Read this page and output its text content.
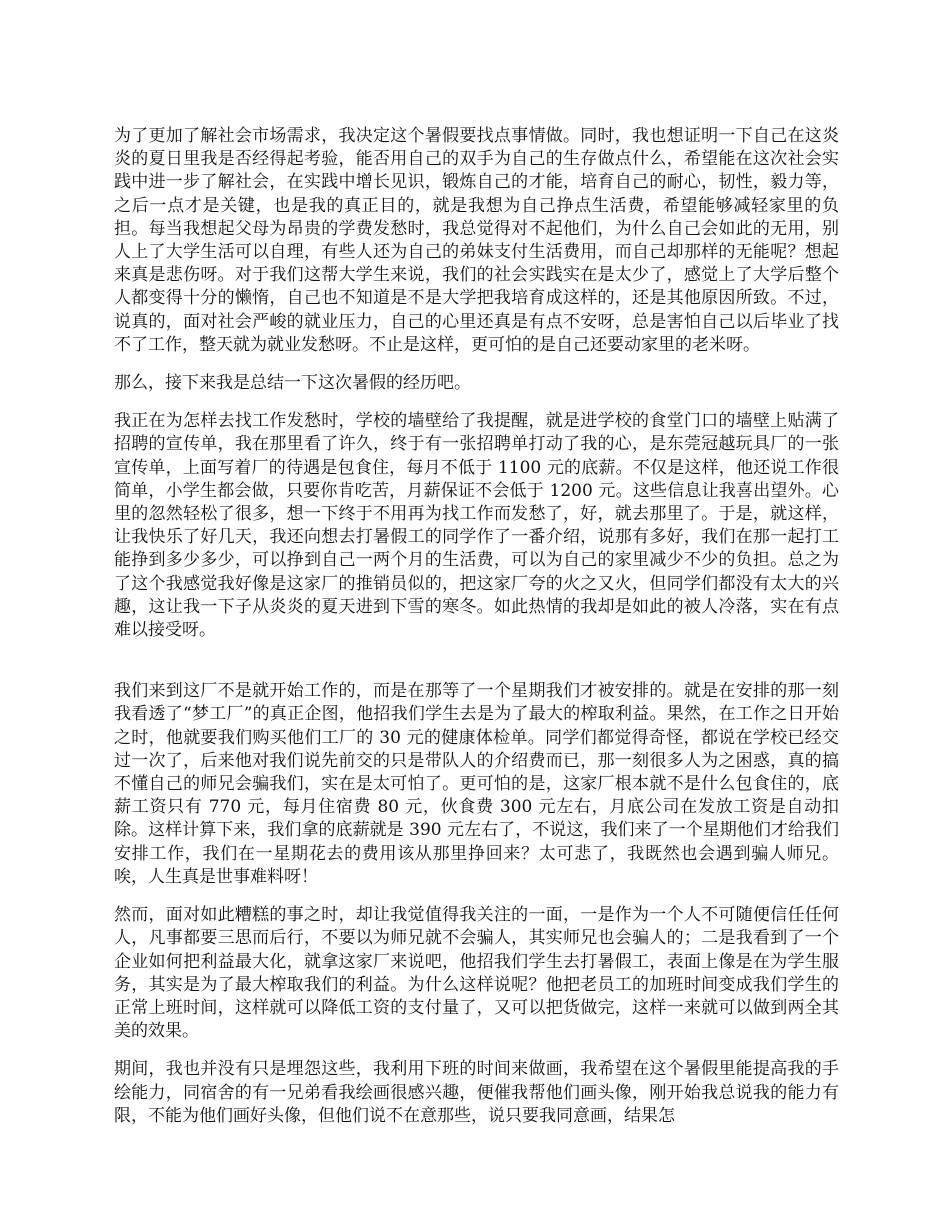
为了更加了解社会市场需求，我决定这个暑假要找点事情做。同时，我也想证明一下自己在这炎炎的夏日里我是否经得起考验，能否用自己的双手为自己的生存做点什么，希望能在这次社会实践中进一步了解社会，在实践中增长见识，锻炼自己的才能，培育自己的耐心，韧性，毅力等，之后一点才是关键，也是我的真正目的，就是我想为自己挣点生活费，希望能够减轻家里的负担。每当我想起父母为昂贵的学费发愁时，我总觉得对不起他们，为什么自己会如此的无用，别人上了大学生活可以自理，有些人还为自己的弟妹支付生活费用，而自己却那样的无能呢？想起来真是悲伤呀。对于我们这帮大学生来说，我们的社会实践实在是太少了，感觉上了大学后整个人都变得十分的懒惰，自己也不知道是不是大学把我培育成这样的，还是其他原因所致。不过，说真的，面对社会严峻的就业压力，自己的心里还真是有点不安呀，总是害怕自己以后毕业了找不了工作，整天就为就业发愁呀。不止是这样，更可怕的是自己还要动家里的老米呀。

那么，接下来我是总结一下这次暑假的经历吧。

我正在为怎样去找工作发愁时，学校的墙壁给了我提醒，就是进学校的食堂门口的墙壁上贴满了招聘的宣传单，我在那里看了许久，终于有一张招聘单打动了我的心，是东莞冠越玩具厂的一张宣传单，上面写着厂的待遇是包食住，每月不低于 1100 元的底薪。不仅是这样，他还说工作很简单，小学生都会做，只要你肯吃苦，月薪保证不会低于 1200 元。这些信息让我喜出望外。心里的忽然轻松了很多，想一下终于不用再为找工作而发愁了，好，就去那里了。于是，就这样，让我快乐了好几天，我还向想去打暑假工的同学作了一番介绍，说那有多好，我们在那一起打工能挣到多少多少，可以挣到自己一两个月的生活费，可以为自己的家里减少不少的负担。总之为了这个我感觉我好像是这家厂的推销员似的，把这家厂夸的火之又火，但同学们都没有太大的兴趣，这让我一下子从炎炎的夏天进到下雪的寒冬。如此热情的我却是如此的被人冷落，实在有点难以接受呀。

我们来到这厂不是就开始工作的，而是在那等了一个星期我们才被安排的。就是在安排的那一刻我看透了“梦工厂”的真正企图，他招我们学生去是为了最大的榨取利益。果然，在工作之日开始之时，他就要我们购买他们工厂的 30 元的健康体检单。同学们都觉得奇怪，都说在学校已经交过一次了，后来他对我们说先前交的只是带队人的介绍费而已，那一刻很多人为之困惑，真的搞不懂自己的师兄会骗我们，实在是太可怕了。更可怕的是，这家厂根本就不是什么包食住的，底薪工资只有 770 元，每月住宿费 80 元，伙食费 300 元左右，月底公司在发放工资是自动扣除。这样计算下来，我们拿的底薪就是 390 元左右了，不说这，我们来了一个星期他们才给我们安排工作，我们在一星期花去的费用该从那里挣回来？太可悲了，我既然也会遇到骗人师兄。唉，人生真是世事难料呀！

然而，面对如此糟糕的事之时，却让我觉值得我关注的一面，一是作为一个人不可随便信任任何人，凡事都要三思而后行，不要以为师兄就不会骗人，其实师兄也会骗人的；二是我看到了一个企业如何把利益最大化，就拿这家厂来说吧，他招我们学生去打暑假工，表面上像是在为学生服务，其实是为了最大榨取我们的利益。为什么这样说呢？他把老员工的加班时间变成我们学生的正常上班时间，这样就可以降低工资的支付量了，又可以把货做完，这样一来就可以做到两全其美的效果。

期间，我也并没有只是埋怨这些，我利用下班的时间来做画，我希望在这个暑假里能提高我的手绘能力，同宿舍的有一兄弟看我绘画很感兴趣，便催我帮他们画头像，刚开始我总说我的能力有限，不能为他们画好头像，但他们说不在意那些，说只要我同意画，结果怎
